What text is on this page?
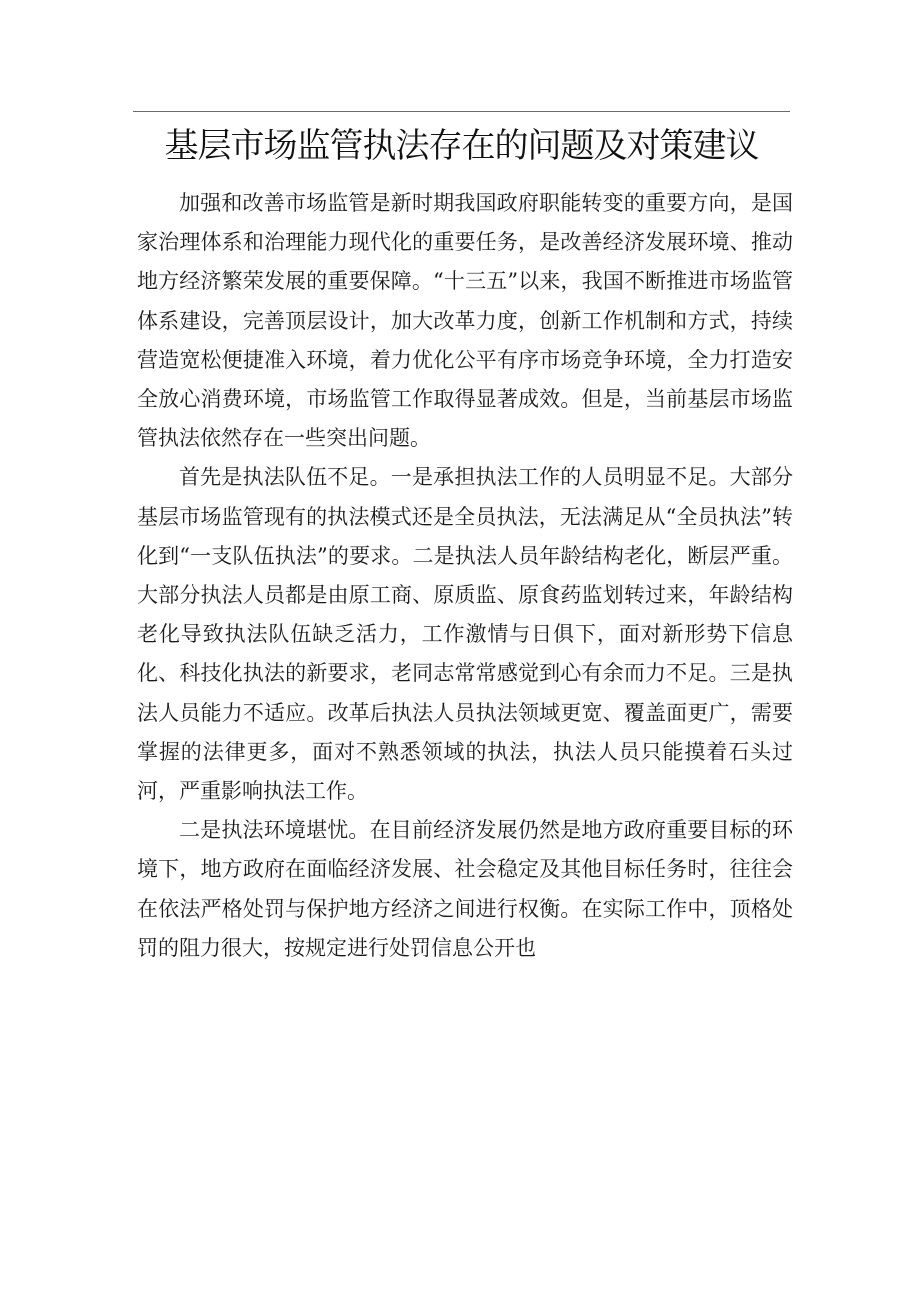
基层市场监管执法存在的问题及对策建议

加强和改善市场监管是新时期我国政府职能转变的重要方向，是国家治理体系和治理能力现代化的重要任务，是改善经济发展环境、推动地方经济繁荣发展的重要保障。“十三五”以来，我国不断推进市场监管体系建设，完善顶层设计，加大改革力度，创新工作机制和方式，持续营造宽松便捷准入环境，着力优化公平有序市场竞争环境，全力打造安全放心消费环境，市场监管工作取得显著成效。但是，当前基层市场监管执法依然存在一些突出问题。

首先是执法队伍不足。一是承担执法工作的人员明显不足。大部分基层市场监管现有的执法模式还是全员执法，无法满足从“全员执法”转化到“一支队伍执法”的要求。二是执法人员年龄结构老化，断层严重。大部分执法人员都是由原工商、原质监、原食药监划转过来，年龄结构老化导致执法队伍缺乏活力，工作激情与日俱下，面对新形势下信息化、科技化执法的新要求，老同志常常感觉到心有余而力不足。三是执法人员能力不适应。改革后执法人员执法领域更宽、覆盖面更广，需要掌握的法律更多，面对不熟悉领域的执法，执法人员只能摸着石头过河，严重影响执法工作。

二是执法环境堪忧。在目前经济发展仍然是地方政府重要目标的环境下，地方政府在面临经济发展、社会稳定及其他目标任务时，往往会在依法严格处罚与保护地方经济之间进行权衡。在实际工作中，顶格处罚的阻力很大，按规定进行处罚信息公开也
